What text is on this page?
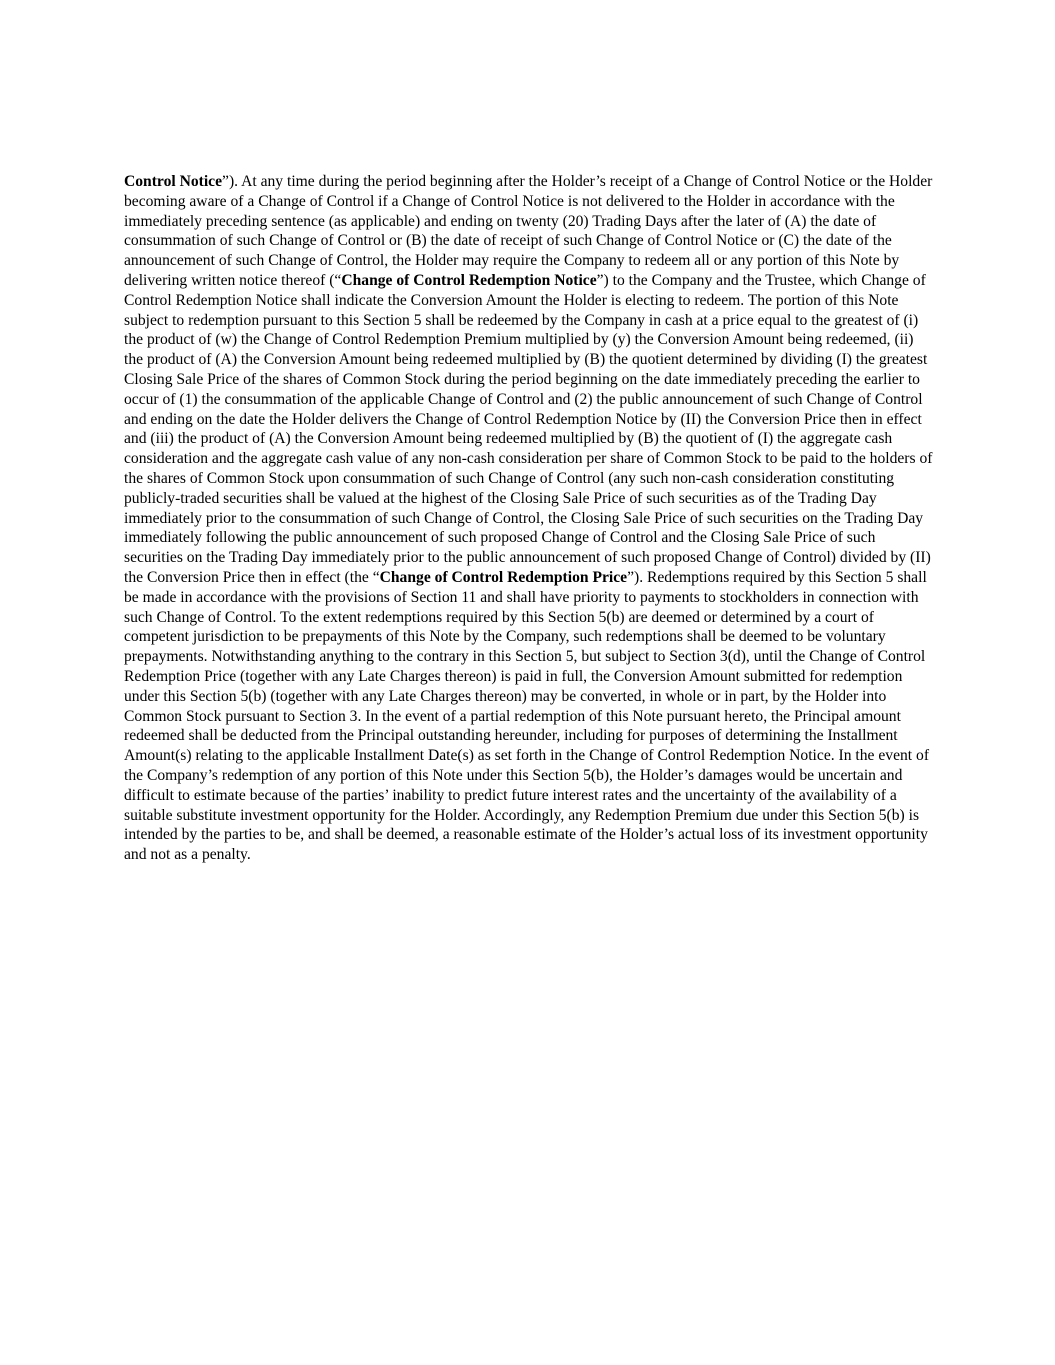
Control Notice”). At any time during the period beginning after the Holder’s receipt of a Change of Control Notice or the Holder becoming aware of a Change of Control if a Change of Control Notice is not delivered to the Holder in accordance with the immediately preceding sentence (as applicable) and ending on twenty (20) Trading Days after the later of (A) the date of consummation of such Change of Control or (B) the date of receipt of such Change of Control Notice or (C) the date of the announcement of such Change of Control, the Holder may require the Company to redeem all or any portion of this Note by delivering written notice thereof (“Change of Control Redemption Notice”) to the Company and the Trustee, which Change of Control Redemption Notice shall indicate the Conversion Amount the Holder is electing to redeem. The portion of this Note subject to redemption pursuant to this Section 5 shall be redeemed by the Company in cash at a price equal to the greatest of (i) the product of (w) the Change of Control Redemption Premium multiplied by (y) the Conversion Amount being redeemed, (ii) the product of (A) the Conversion Amount being redeemed multiplied by (B) the quotient determined by dividing (I) the greatest Closing Sale Price of the shares of Common Stock during the period beginning on the date immediately preceding the earlier to occur of (1) the consummation of the applicable Change of Control and (2) the public announcement of such Change of Control and ending on the date the Holder delivers the Change of Control Redemption Notice by (II) the Conversion Price then in effect and (iii) the product of (A) the Conversion Amount being redeemed multiplied by (B) the quotient of (I) the aggregate cash consideration and the aggregate cash value of any non-cash consideration per share of Common Stock to be paid to the holders of the shares of Common Stock upon consummation of such Change of Control (any such non-cash consideration constituting publicly-traded securities shall be valued at the highest of the Closing Sale Price of such securities as of the Trading Day immediately prior to the consummation of such Change of Control, the Closing Sale Price of such securities on the Trading Day immediately following the public announcement of such proposed Change of Control and the Closing Sale Price of such securities on the Trading Day immediately prior to the public announcement of such proposed Change of Control) divided by (II) the Conversion Price then in effect (the “Change of Control Redemption Price”). Redemptions required by this Section 5 shall be made in accordance with the provisions of Section 11 and shall have priority to payments to stockholders in connection with such Change of Control. To the extent redemptions required by this Section 5(b) are deemed or determined by a court of competent jurisdiction to be prepayments of this Note by the Company, such redemptions shall be deemed to be voluntary prepayments. Notwithstanding anything to the contrary in this Section 5, but subject to Section 3(d), until the Change of Control Redemption Price (together with any Late Charges thereon) is paid in full, the Conversion Amount submitted for redemption under this Section 5(b) (together with any Late Charges thereon) may be converted, in whole or in part, by the Holder into Common Stock pursuant to Section 3. In the event of a partial redemption of this Note pursuant hereto, the Principal amount redeemed shall be deducted from the Principal outstanding hereunder, including for purposes of determining the Installment Amount(s) relating to the applicable Installment Date(s) as set forth in the Change of Control Redemption Notice. In the event of the Company’s redemption of any portion of this Note under this Section 5(b), the Holder’s damages would be uncertain and difficult to estimate because of the parties’ inability to predict future interest rates and the uncertainty of the availability of a suitable substitute investment opportunity for the Holder. Accordingly, any Redemption Premium due under this Section 5(b) is intended by the parties to be, and shall be deemed, a reasonable estimate of the Holder’s actual loss of its investment opportunity and not as a penalty.
